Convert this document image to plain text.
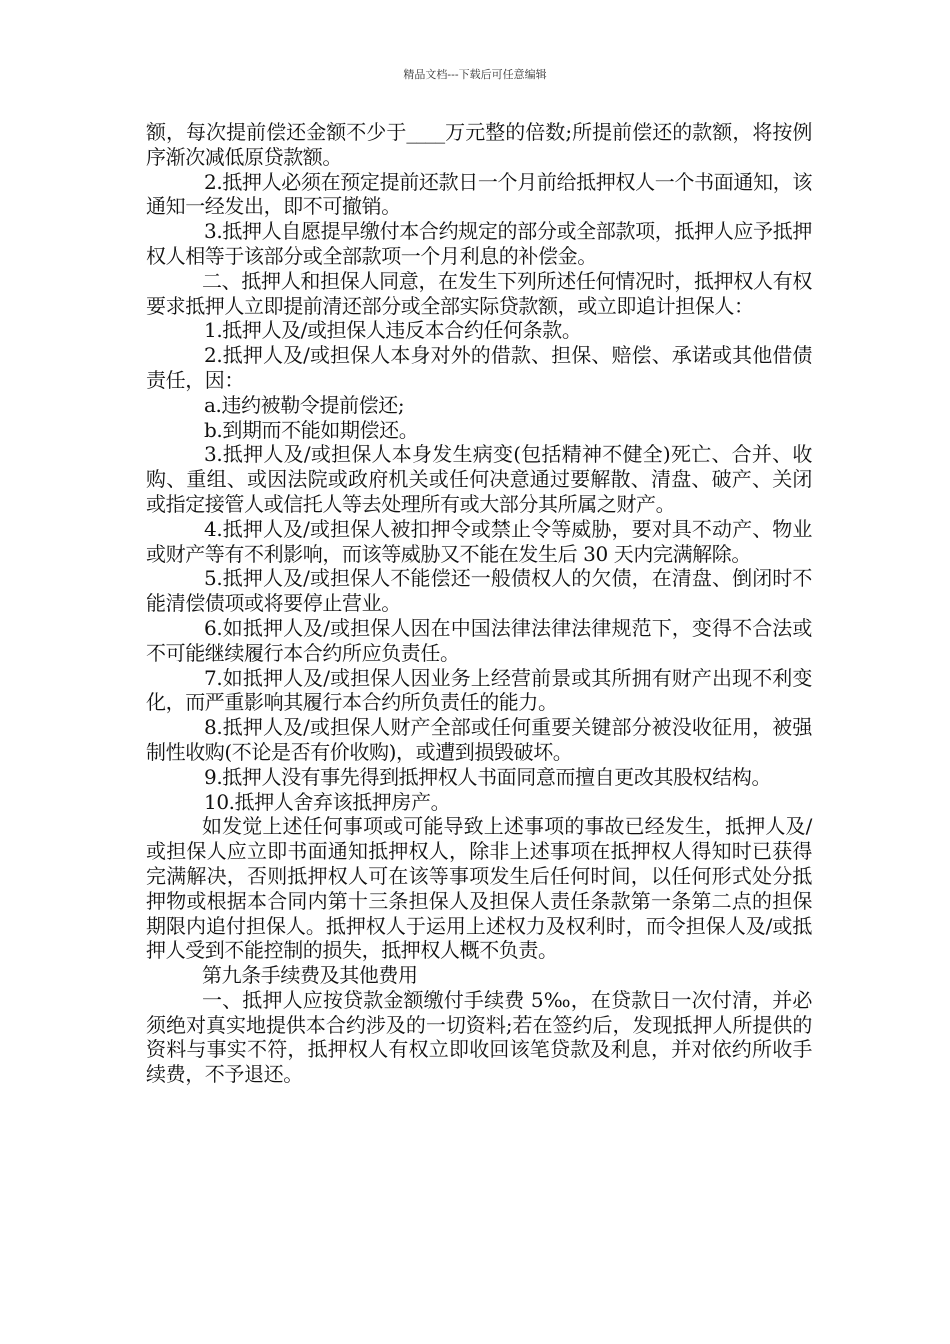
精品文档---下载后可任意编辑

额，每次提前偿还金额不少于____万元整的倍数;所提前偿还的款额，将按例序渐次减低原贷款额。

2.抵押人必须在预定提前还款日一个月前给抵押权人一个书面通知，该通知一经发出，即不可撤销。

3.抵押人自愿提早缴付本合约规定的部分或全部款项，抵押人应予抵押权人相等于该部分或全部款项一个月利息的补偿金。

二、抵押人和担保人同意，在发生下列所述任何情况时，抵押权人有权要求抵押人立即提前清还部分或全部实际贷款额，或立即追计担保人：

1.抵押人及/或担保人违反本合约任何条款。

2.抵押人及/或担保人本身对外的借款、担保、赔偿、承诺或其他借债责任，因：

a.违约被勒令提前偿还;

b.到期而不能如期偿还。

3.抵押人及/或担保人本身发生病变(包括精神不健全)死亡、合并、收购、重组、或因法院或政府机关或任何决意通过要解散、清盘、破产、关闭或指定接管人或信托人等去处理所有或大部分其所属之财产。

4.抵押人及/或担保人被扣押令或禁止令等威胁，要对具不动产、物业或财产等有不利影响，而该等威胁又不能在发生后 30 天内完满解除。

5.抵押人及/或担保人不能偿还一般债权人的欠债，在清盘、倒闭时不能清偿债项或将要停止营业。

6.如抵押人及/或担保人因在中国法律法律法律规范下，变得不合法或不可能继续履行本合约所应负责任。

7.如抵押人及/或担保人因业务上经营前景或其所拥有财产出现不利变化，而严重影响其履行本合约所负责任的能力。

8.抵押人及/或担保人财产全部或任何重要关键部分被没收征用，被强制性收购(不论是否有价收购)，或遭到损毁破坏。

9.抵押人没有事先得到抵押权人书面同意而擅自更改其股权结构。

10.抵押人舍弃该抵押房产。

如发觉上述任何事项或可能导致上述事项的事故已经发生，抵押人及/或担保人应立即书面通知抵押权人，除非上述事项在抵押权人得知时已获得完满解决，否则抵押权人可在该等事项发生后任何时间，以任何形式处分抵押物或根据本合同内第十三条担保人及担保人责任条款第一条第二点的担保期限内追付担保人。抵押权人于运用上述权力及权利时，而令担保人及/或抵押人受到不能控制的损失，抵押权人概不负责。

第九条手续费及其他费用

一、抵押人应按贷款金额缴付手续费 5‰，在贷款日一次付清，并必须绝对真实地提供本合约涉及的一切资料;若在签约后，发现抵押人所提供的资料与事实不符，抵押权人有权立即收回该笔贷款及利息，并对依约所收手续费，不予退还。
